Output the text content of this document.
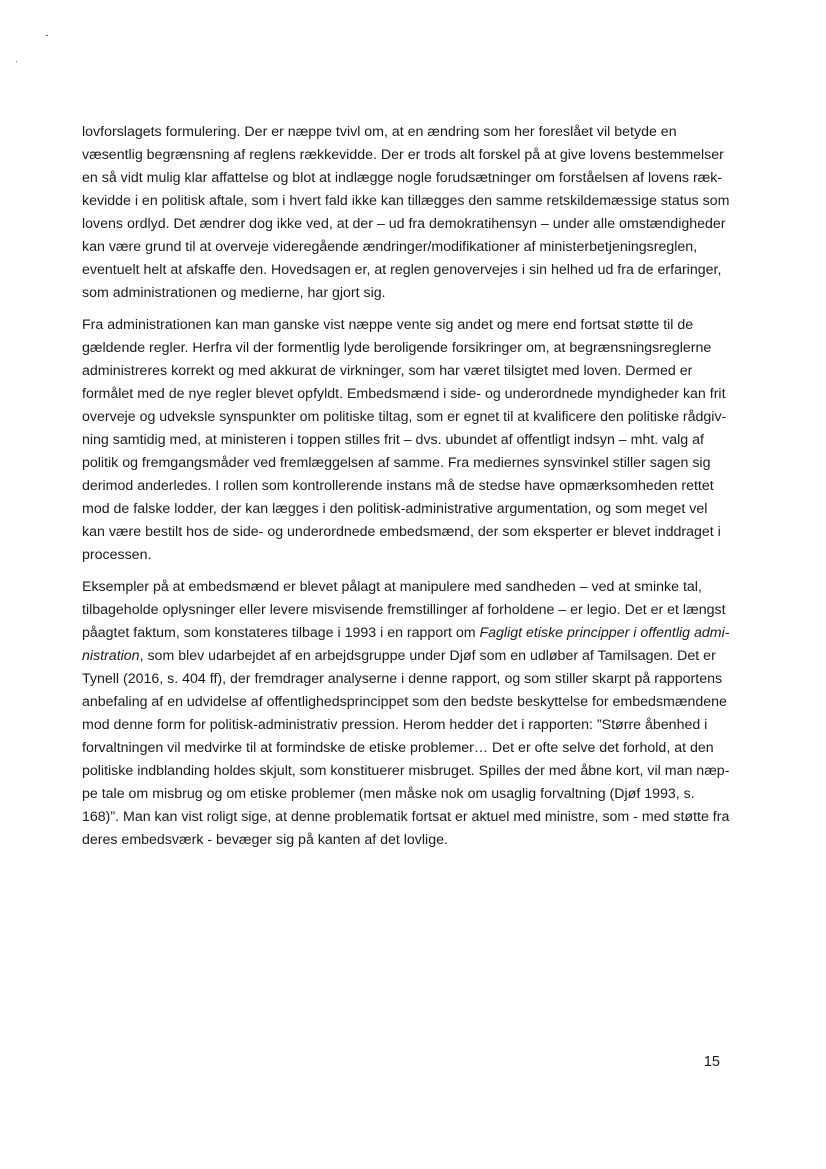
lovforslagets formulering. Der er næppe tvivl om, at en ændring som her foreslået vil betyde en
væsentlig begrænsning af reglens rækkevidde. Der er trods alt forskel på at give lovens bestemmelser
en så vidt mulig klar affattelse og blot at indlægge nogle forudsætninger om forståelsen af lovens ræk-
kevidde i en politisk aftale, som i hvert fald ikke kan tillægges den samme retskildemæssige status som
lovens ordlyd. Det ændrer dog ikke ved, at der – ud fra demokratihensyn – under alle omstændigheder
kan være grund til at overveje videregående ændringer/modifikationer af ministerbetjeningsreglen,
eventuelt helt at afskaffe den. Hovedsagen er, at reglen genovervejes i sin helhed ud fra de erfaringer,
som administrationen og medierne, har gjort sig.
Fra administrationen kan man ganske vist næppe vente sig andet og mere end fortsat støtte til de
gældende regler. Herfra vil der formentlig lyde beroligende forsikringer om, at begrænsningsreglerne
administreres korrekt og med akkurat de virkninger, som har været tilsigtet med loven. Dermed er
formålet med de nye regler blevet opfyldt. Embedsmænd i side- og underordnede myndigheder kan frit
overveje og udveksle synspunkter om politiske tiltag, som er egnet til at kvalificere den politiske rådgiv-
ning samtidig med, at ministeren i toppen stilles frit – dvs. ubundet af offentligt indsyn – mht. valg af
politik og fremgangsmåder ved fremlæggelsen af samme. Fra mediernes synsvinkel stiller sagen sig
derimod anderledes. I rollen som kontrollerende instans må de stedse have opmærksomheden rettet
mod de falske lodder, der kan lægges i den politisk-administrative argumentation, og som meget vel
kan være bestilt hos de side- og underordnede embedsmænd, der som eksperter er blevet inddraget i
processen.
Eksempler på at embedsmænd er blevet pålagt at manipulere med sandheden – ved at sminke tal,
tilbageholde oplysninger eller levere misvisende fremstillinger af forholdene – er legio. Det er et længst
påagtet faktum, som konstateres tilbage i 1993 i en rapport om Fagligt etiske principper i offentlig admi-
nistration, som blev udarbejdet af en arbejdsgruppe under Djøf som en udløber af Tamilsagen. Det er
Tynell (2016, s. 404 ff), der fremdrager analyserne i denne rapport, og som stiller skarpt på rapportens
anbefaling af en udvidelse af offentlighedsprincippet som den bedste beskyttelse for embedsmændene
mod denne form for politisk-administrativ pression. Herom hedder det i rapporten: ”Større åbenhed i
forvaltningen vil medvirke til at formindske de etiske problemer… Det er ofte selve det forhold, at den
politiske indblanding holdes skjult, som konstituerer misbruget. Spilles der med åbne kort, vil man næp-
pe tale om misbrug og om etiske problemer (men måske nok om usaglig forvaltning (Djøf 1993, s.
168)”. Man kan vist roligt sige, at denne problematik fortsat er aktuel med ministre, som - med støtte fra
deres embedsværk - bevæger sig på kanten af det lovlige.
15
